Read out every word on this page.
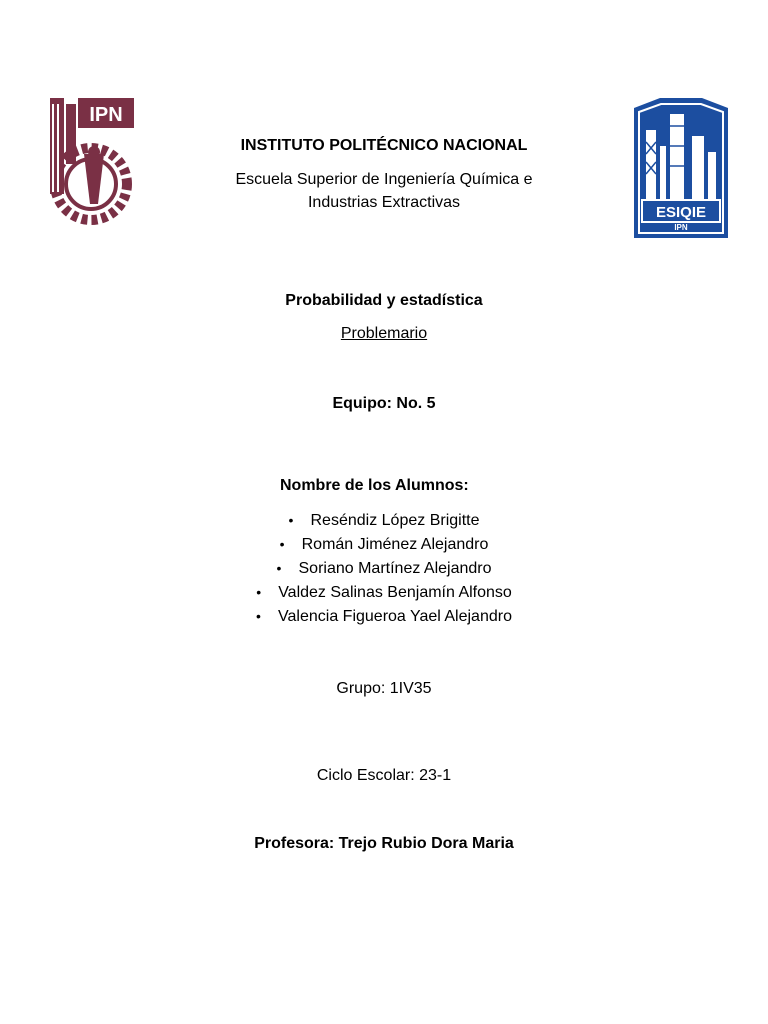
IPN
ESIQIE
IPN
INSTITUTO POLITÉCNICO NACIONAL
Escuela Superior de Ingeniería Química e Industrias Extractivas
Probabilidad y estadística
Problemario
Equipo: No. 5
Nombre de los Alumnos:
• Reséndiz López Brigitte
• Román Jiménez Alejandro
• Soriano Martínez Alejandro
• Valdez Salinas Benjamín Alfonso
• Valencia Figueroa Yael Alejandro
Grupo: 1IV35
Ciclo Escolar: 23-1
Profesora: Trejo Rubio Dora Maria
